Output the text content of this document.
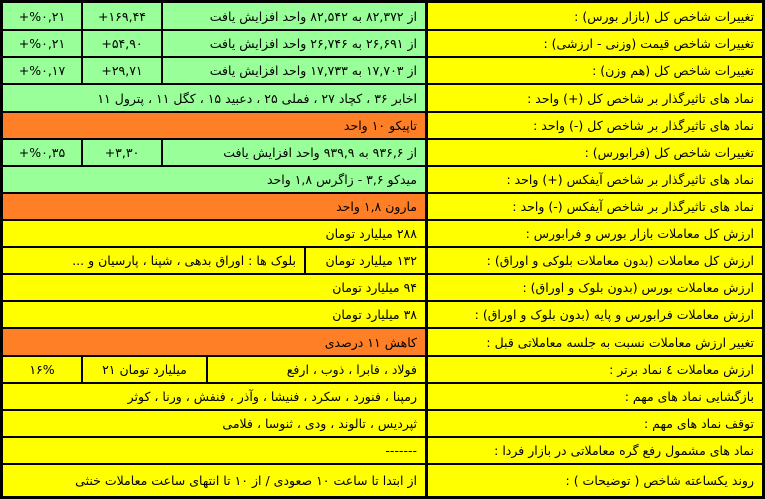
تغییرات شاخص کل (بازار بورس) :
از ۸۲,۳۷۲ به ۸۲,۵۴۲ واحد افزایش یافت
+۱۶۹,۴۴
+%۰,۲۱
تغییرات شاخص قیمت (وزنی - ارزشی) :
از ۲۶,۶۹۱ به ۲۶,۷۴۶ واحد افزایش یافت
+۵۴,۹۰
+%۰,۲۱
تغییرات شاخص کل (هم وزن) :
از ۱۷,۷۰۳ به ۱۷,۷۳۳ واحد افزایش یافت
+۲۹,۷۱
+%۰,۱۷
نماد های تاثیرگذار بر شاخص کل (+) واحد :
اخابر ۳۶ ، کچاد ۲۷ ، فملی ۲۵ ، دعبید ۱۵ ، کگل ۱۱ ، پترول ۱۱
نماد های تاثیرگذار بر شاخص کل (-) واحد :
تاپیکو ۱۰ واحد
تغییرات شاخص کل (فرابورس) :
از ۹۳۶,۶ به ۹۳۹,۹ واحد افزایش یافت
+۳,۳۰
+%۰,۳۵
نماد های تاثیرگذار بر شاخص آیفکس (+) واحد :
میدکو ۳,۶ - زاگرس ۱,۸ واحد
نماد های تاثیرگذار بر شاخص آیفکس (-) واحد :
مارون ۱,۸ واحد
ارزش کل معاملات بازار بورس و فرابورس :
۲۸۸ میلیارد تومان
ارزش کل معاملات (بدون معاملات بلوکی و اوراق) :
۱۳۲ میلیارد تومان
بلوک ها : اوراق بدهی ، شپنا ، پارسیان و ...
ارزش معاملات بورس (بدون بلوک و اوراق) :
۹۴ میلیارد تومان
ارزش معاملات فرابورس و پایه (بدون بلوک و اوراق) :
۳۸ میلیارد تومان
تغییر ارزش معاملات نسبت به جلسه معاملاتی قبل :
کاهش ۱۱ درصدی
ارزش معاملات ٤ نماد برتر :
فولاد ، فابرا ، ذوب ، ارفع
۲۱ میلیارد تومان
۱۶%
بازگشایی نماد های مهم :
رمپنا ، فنورد ، سکرد ، فنیشا ، وآذر ، فنفش ، ورنا ، کوثر
توقف نماد های مهم :
ثپردیس ، تالوند ، ودی ، ثنوسا ، فلامی
نماد های مشمول رفع گره معاملاتی در بازار فردا :
-------
روند یکساعته شاخص ( توضیحات ) :
از ابتدا تا ساعت ۱۰ صعودی / از ۱۰ تا انتهای ساعت معاملات خنثی
